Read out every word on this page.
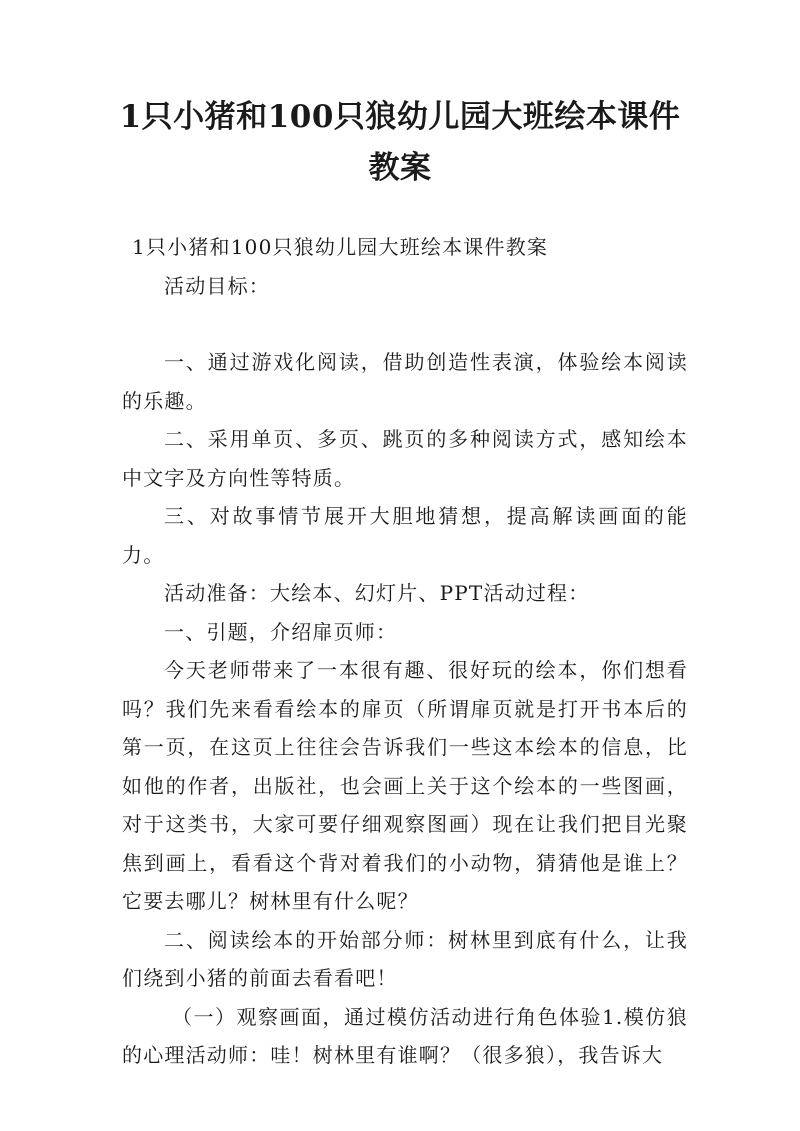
1只小猪和100只狼幼儿园大班绘本课件教案

1只小猪和100只狼幼儿园大班绘本课件教案

活动目标：

一、通过游戏化阅读，借助创造性表演，体验绘本阅读的乐趣。

二、采用单页、多页、跳页的多种阅读方式，感知绘本中文字及方向性等特质。

三、对故事情节展开大胆地猜想，提高解读画面的能力。

活动准备：大绘本、幻灯片、PPT活动过程：

一、引题，介绍扉页师：

今天老师带来了一本很有趣、很好玩的绘本，你们想看吗？我们先来看看绘本的扉页（所谓扉页就是打开书本后的第一页，在这页上往往会告诉我们一些这本绘本的信息，比如他的作者，出版社，也会画上关于这个绘本的一些图画，对于这类书，大家可要仔细观察图画）现在让我们把目光聚焦到画上，看看这个背对着我们的小动物，猜猜他是谁上？它要去哪儿？树林里有什么呢？

二、阅读绘本的开始部分师：树林里到底有什么，让我们绕到小猪的前面去看看吧！

（一）观察画面，通过模仿活动进行角色体验1.模仿狼的心理活动师：哇！树林里有谁啊？（很多狼），我告诉大
